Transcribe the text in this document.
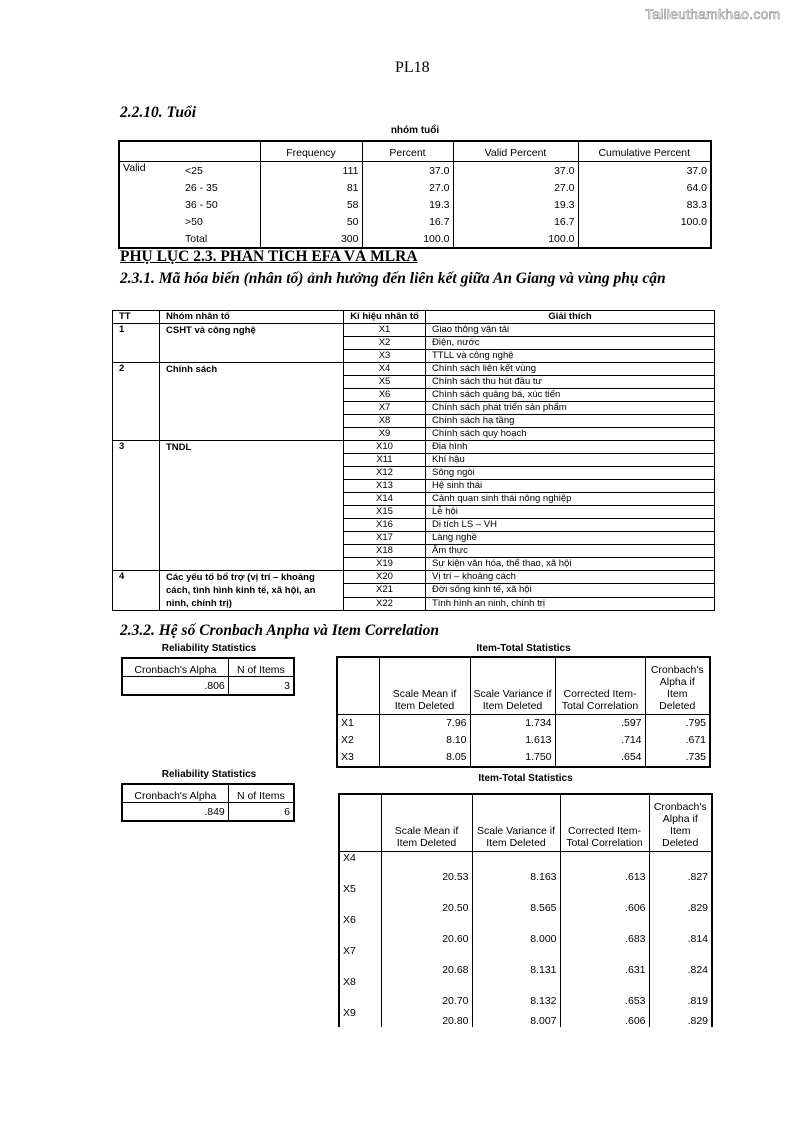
Tailieuthamkhao.com
PL18
2.2.10. Tuổi
nhóm tuổi
		Frequency	Percent	Valid Percent	Cumulative Percent
Valid	<25	111	37.0	37.0	37.0
	26 - 35	81	27.0	27.0	64.0
	36 - 50	58	19.3	19.3	83.3
	>50	50	16.7	16.7	100.0
	Total	300	100.0	100.0	
PHỤ LỤC 2.3. PHÂN TÍCH EFA VÀ MLRA
2.3.1. Mã hóa biến (nhân tố) ảnh hưởng đến liên kết giữa An Giang và vùng phụ cận
TT	Nhóm nhân tố	Kí hiệu nhân tố	Giải thích
1	CSHT và công nghệ	X1	Giao thông vận tải
		X2	Điện, nước
		X3	TTLL và công nghệ
2	Chính sách	X4	Chính sách liên kết vùng
		X5	Chính sách thu hút đầu tư
		X6	Chính sách quảng bá, xúc tiến
		X7	Chính sách phát triển sản phẩm
		X8	Chính sách hạ tầng
		X9	Chính sách quy hoạch
3	TNDL	X10	Địa hình
		X11	Khí hậu
		X12	Sông ngòi
		X13	Hệ sinh thái
		X14	Cảnh quan sinh thái nông nghiệp
		X15	Lễ hội
		X16	Di tích LS – VH
		X17	Làng nghề
		X18	Ẩm thực
		X19	Sự kiện văn hóa, thể thao, xã hội
4	Các yếu tố bổ trợ (vị trí – khoảng cách, tình hình kinh tế, xã hội, an ninh, chính trị)	X20	Vị trí – khoảng cách
		X21	Đời sống kinh tế, xã hội
		X22	Tình hình an ninh, chính trị
2.3.2. Hệ số Cronbach Anpha và Item Correlation
Reliability Statistics
Cronbach's Alpha	N of Items
.806	3
Item-Total Statistics
	Scale Mean if Item Deleted	Scale Variance if Item Deleted	Corrected Item-Total Correlation	Cronbach's Alpha if Item Deleted
X1	7.96	1.734	.597	.795
X2	8.10	1.613	.714	.671
X3	8.05	1.750	.654	.735
Reliability Statistics
Cronbach's Alpha	N of Items
.849	6
Item-Total Statistics
	Scale Mean if Item Deleted	Scale Variance if Item Deleted	Corrected Item-Total Correlation	Cronbach's Alpha if Item Deleted
X4	20.53	8.163	.613	.827
X5	20.50	8.565	.606	.829
X6	20.60	8.000	.683	.814
X7	20.68	8.131	.631	.824
X8	20.70	8.132	.653	.819
X9	20.80	8.007	.606	.829
